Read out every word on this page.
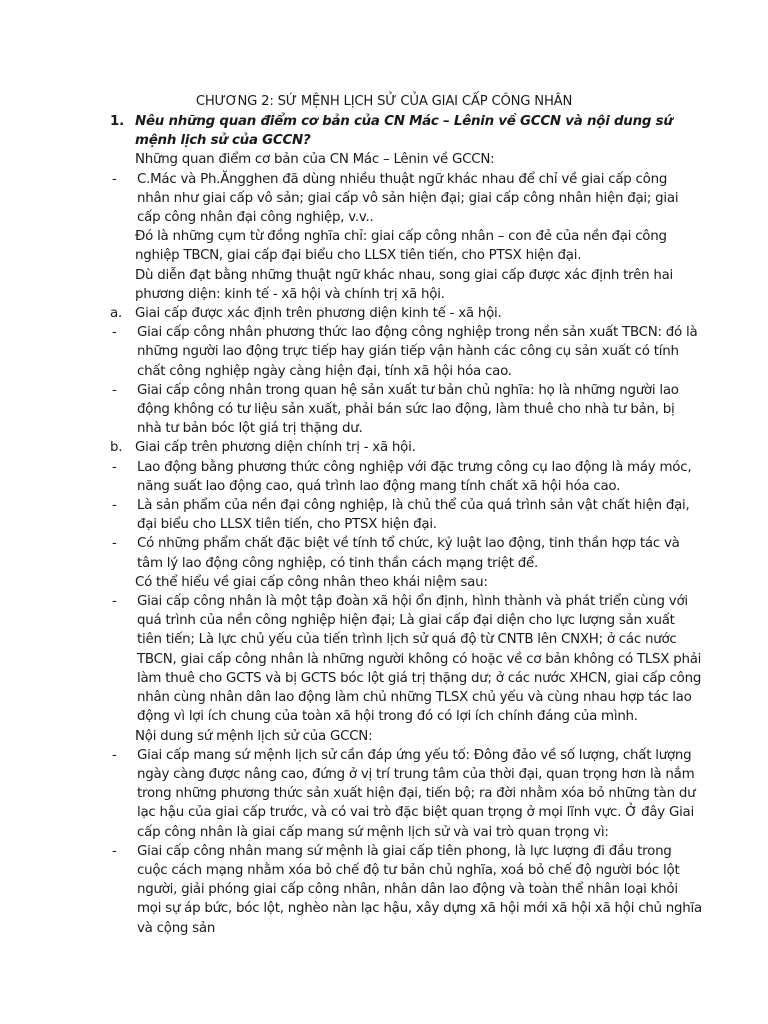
CHƯƠNG 2: SỨ MỆNH LỊCH SỬ CỦA GIAI CẤP CÔNG NHÂN
1. Nêu những quan điểm cơ bản của CN Mác – Lênin về GCCN và nội dung sứ mệnh lịch sử của GCCN?

Những quan điểm cơ bản của CN Mác – Lênin về GCCN:

-	C.Mác và Ph.Ăngghen đã dùng nhiều thuật ngữ khác nhau để chỉ về giai cấp công nhân như giai cấp vô sản; giai cấp vô sản hiện đại; giai cấp công nhân hiện đại; giai cấp công nhân đại công nghiệp, v.v..

Đó là những cụm từ đồng nghĩa chỉ: giai cấp công nhân – con đẻ của nền đại công nghiệp TBCN, giai cấp đại biểu cho LLSX tiên tiến, cho PTSX hiện đại.

Dù diễn đạt bằng những thuật ngữ khác nhau, song giai cấp được xác định trên hai phương diện: kinh tế - xã hội và chính trị xã hội.

a. Giai cấp được xác định trên phương diện kinh tế - xã hội.

-	Giai cấp công nhân phương thức lao động công nghiệp trong nền sản xuất TBCN: đó là những người lao động trực tiếp hay gián tiếp vận hành các công cụ sản xuất có tính chất công nghiệp ngày càng hiện đại, tính xã hội hóa cao.

-	Giai cấp công nhân trong quan hệ sản xuất tư bản chủ nghĩa: họ là những người lao động không có tư liệu sản xuất, phải bán sức lao động, làm thuê cho nhà tư bản, bị nhà tư bản bóc lột giá trị thặng dư.

b. Giai cấp trên phương diện chính trị - xã hội.

-	Lao động bằng phương thức công nghiệp với đặc trưng công cụ lao động là máy móc, năng suất lao động cao, quá trình lao động mang tính chất xã hội hóa cao.

-	Là sản phẩm của nền đại công nghiệp, là chủ thể của quá trình sản vật chất hiện đại, đại biểu cho LLSX tiên tiến, cho PTSX hiện đại.

-	Có những phẩm chất đặc biệt về tính tổ chức, kỷ luật lao động, tinh thần hợp tác và tâm lý lao động công nghiệp, có tinh thần cách mạng triệt để.

Có thể hiểu về giai cấp công nhân theo khái niệm sau:

-	Giai cấp công nhân là một tập đoàn xã hội ổn định, hình thành và phát triển cùng với quá trình của nền công nghiệp hiện đại; Là giai cấp đại diện cho lực lượng sản xuất tiên tiến; Là lực chủ yếu của tiến trình lịch sử quá độ từ CNTB lên CNXH; ở các nước TBCN, giai cấp công nhân là những người không có hoặc về cơ bản không có TLSX phải làm thuê cho GCTS và bị GCTS bóc lột giá trị thặng dư; ở các nước XHCN, giai cấp công nhân cùng nhân dân lao động làm chủ những TLSX chủ yếu và cùng nhau hợp tác lao động vì lợi ích chung của toàn xã hội trong đó có lợi ích chính đáng của mình.

Nội dung sứ mệnh lịch sử của GCCN:

-	Giai cấp mang sứ mệnh lịch sử cần đáp ứng yếu tố: Đông đảo về số lượng, chất lượng ngày càng được nâng cao, đứng ở vị trí trung tâm của thời đại, quan trọng hơn là nắm trong những phương thức sản xuất hiện đại, tiến bộ; ra đời nhằm xóa bỏ những tàn dư lạc hậu của giai cấp trước, và có vai trò đặc biệt quan trọng ở mọi lĩnh vực. Ở đây Giai cấp công nhân là giai cấp mang sứ mệnh lịch sử và vai trò quan trọng vì:

-	Giai cấp công nhân mang sứ mệnh là giai cấp tiên phong, là lực lượng đi đầu trong cuộc cách mạng nhằm xóa bỏ chế độ tư bản chủ nghĩa, xoá bỏ chế độ người bóc lột người, giải phóng giai cấp công nhân, nhân dân lao động và toàn thể nhân loại khỏi mọi sự áp bức, bóc lột, nghèo nàn lạc hậu, xây dựng xã hội mới xã hội xã hội chủ nghĩa và cộng sản
